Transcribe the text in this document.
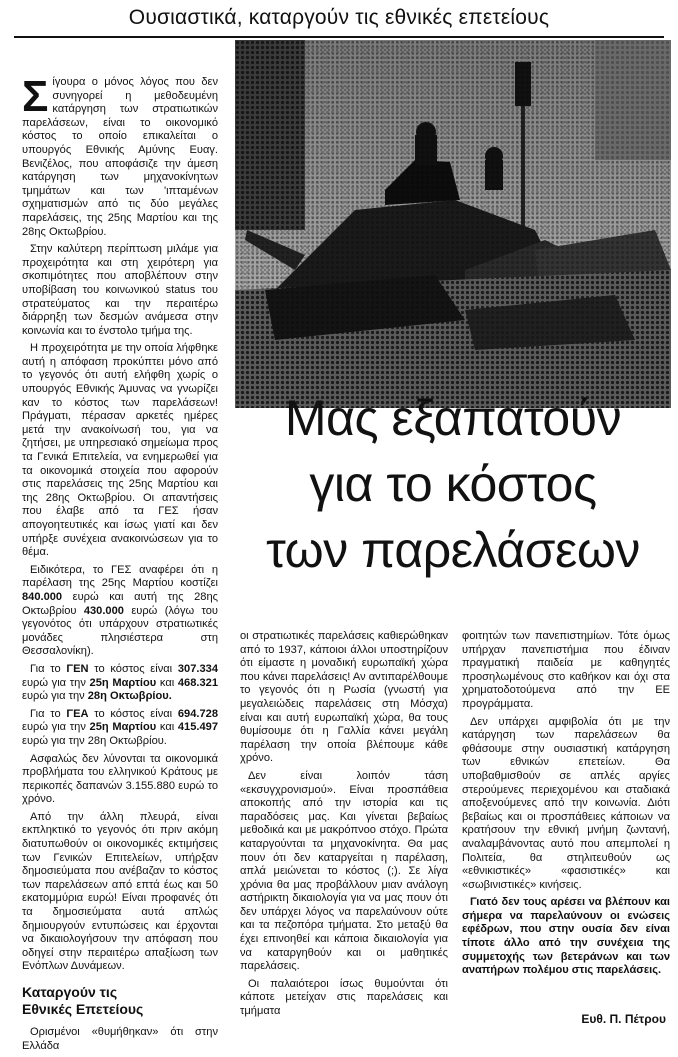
Ουσιαστικά, καταργούν τις εθνικές επετείους
Μας εξαπατούν
για το κόστος
των παρελάσεων

Σίγουρα ο μόνος λόγος που δεν συνηγορεί η μεθοδευμένη κατάργηση των στρατιωτικών παρελάσεων, είναι το οικονομικό κόστος το οποίο επικαλείται ο υπουργός Εθνικής Αμύνης Ευαγ. Βενιζέλος, που αποφάσιζε την άμεση κατάργηση των μηχανοκίνητων τμημάτων και των 'ιπταμένων σχηματισμών από τις δύο μεγάλες παρελάσεις, της 25ης Μαρτίου και της 28ης Οκτωβρίου.

Στην καλύτερη περίπτωση μιλάμε για προχειρότητα και στη χειρότερη για σκοπιμότητες που αποβλέπουν στην υποβίβαση του κοινωνικού status του στρατεύματος και την περαιτέρω διάρρηξη των δεσμών ανάμεσα στην κοινωνία και το ένστολο τμήμα της.

Η προχειρότητα με την οποία λήφθηκε αυτή η απόφαση προκύπτει μόνο από το γεγονός ότι αυτή ελήφθη χωρίς ο υπουργός Εθνικής Άμυνας να γνωρίζει καν το κόστος των παρελάσεων! Πράγματι, πέρασαν αρκετές ημέρες μετά την ανακοίνωσή του, για να ζητήσει, με υπηρεσιακό σημείωμα προς τα Γενικά Επιτελεία, να ενημερωθεί για τα οικονομικά στοιχεία που αφορούν στις παρελάσεις της 25ης Μαρτίου και της 28ης Οκτωβρίου. Οι απαντήσεις που έλαβε από τα ΓΕΣ ήσαν απογοητευτικές και ίσως γιατί και δεν υπήρξε συνέχεια ανακοινώσεων για το θέμα.

Ειδικότερα, το ΓΕΣ αναφέρει ότι η παρέλαση της 25ης Μαρτίου κοστίζει 840.000 ευρώ και αυτή της 28ης Οκτωβρίου 430.000 ευρώ (λόγω του γεγονότος ότι υπάρχουν στρατιωτικές μονάδες πλησιέστερα στη Θεσσαλονίκη).

Για το ΓΕΝ το κόστος είναι 307.334 ευρώ για την 25η Μαρτίου και 468.321 ευρώ για την 28η Οκτωβρίου.

Για το ΓΕΑ το κόστος είναι 694.728 ευρώ για την 25η Μαρτίου και 415.497 ευρώ για την 28η Οκτωβρίου.

Ασφαλώς δεν λύνονται τα οικονομικά προβλήματα του ελληνικού Κράτους με περικοπές δαπανών 3.155.880 ευρώ το χρόνο.

Από την άλλη πλευρά, είναι εκπληκτικό το γεγονός ότι πριν ακόμη διατυπωθούν οι οικονομικές εκτιμήσεις των Γενικών Επιτελείων, υπήρξαν δημοσιεύματα που ανέβαζαν το κόστος των παρελάσεων από επτά έως και 50 εκατομμύρια ευρώ! Είναι προφανές ότι τα δημοσιεύματα αυτά απλώς δημιουργούν εντυπώσεις και έρχονται να δικαιολογήσουν την απόφαση που οδηγεί στην περαιτέρω απαξίωση των Ενόπλων Δυνάμεων.

Καταργούν τις
Εθνικές Επετείους

Ορισμένοι «θυμήθηκαν» ότι στην Ελλάδα

οι στρατιωτικές παρελάσεις καθιερώθηκαν από το 1937, κάποιοι άλλοι υποστηρίζουν ότι είμαστε η μοναδική ευρωπαϊκή χώρα που κάνει παρελάσεις! Αν αντιπαρέλθουμε το γεγονός ότι η Ρωσία (γνωστή για μεγαλειώδεις παρελάσεις στη Μόσχα) είναι και αυτή ευρωπαϊκή χώρα, θα τους θυμίσουμε ότι η Γαλλία κάνει μεγάλη παρέλαση την οποία βλέπουμε κάθε χρόνο.

Δεν είναι λοιπόν τάση «εκσυγχρονισμού». Είναι προσπάθεια αποκοπής από την ιστορία και τις παραδόσεις μας. Και γίνεται βεβαίως μεθοδικά και με μακρόπνοο στόχο. Πρώτα καταργούνται τα μηχανοκίνητα. Θα μας πουν ότι δεν καταργείται η παρέλαση, απλά μειώνεται το κόστος (;). Σε λίγα χρόνια θα μας προβάλλουν μιαν ανάλογη αστήρικτη δικαιολογία για να μας πουν ότι δεν υπάρχει λόγος να παρελαύνουν ούτε και τα πεζοπόρα τμήματα. Στο μεταξύ θα έχει επινοηθεί και κάποια δικαιολογία για να καταργηθούν και οι μαθητικές παρελάσεις.

Οι παλαιότεροι ίσως θυμούνται ότι κάποτε μετείχαν στις παρελάσεις και τμήματα

φοιτητών των πανεπιστημίων. Τότε όμως υπήρχαν πανεπιστήμια που έδιναν πραγματική παιδεία με καθηγητές προσηλωμένους στο καθήκον και όχι στα χρηματοδοτούμενα από την ΕΕ προγράμματα.

Δεν υπάρχει αμφιβολία ότι με την κατάργηση των παρελάσεων θα φθάσουμε στην ουσιαστική κατάργηση των εθνικών επετείων. Θα υποβαθμισθούν σε απλές αργίες στερούμενες περιεχομένου και σταδιακά αποξενούμενες από την κοινωνία. Διότι βεβαίως και οι προσπάθειες κάποιων να κρατήσουν την εθνική μνήμη ζωντανή, αναλαμβάνοντας αυτό που απεμπολεί η Πολιτεία, θα στηλιτευθούν ως «εθνικιστικές» «φασιστικές» και «σωβινιστικές» κινήσεις.

Γιατό δεν τους αρέσει να βλέπουν και σήμερα να παρελαύνουν οι ενώσεις εφέδρων, που στην ουσία δεν είναι τίποτε άλλο από την συνέχεια της συμμετοχής των βετεράνων και των αναπήρων πολέμου στις παρελάσεις.

Ευθ. Π. Πέτρου
